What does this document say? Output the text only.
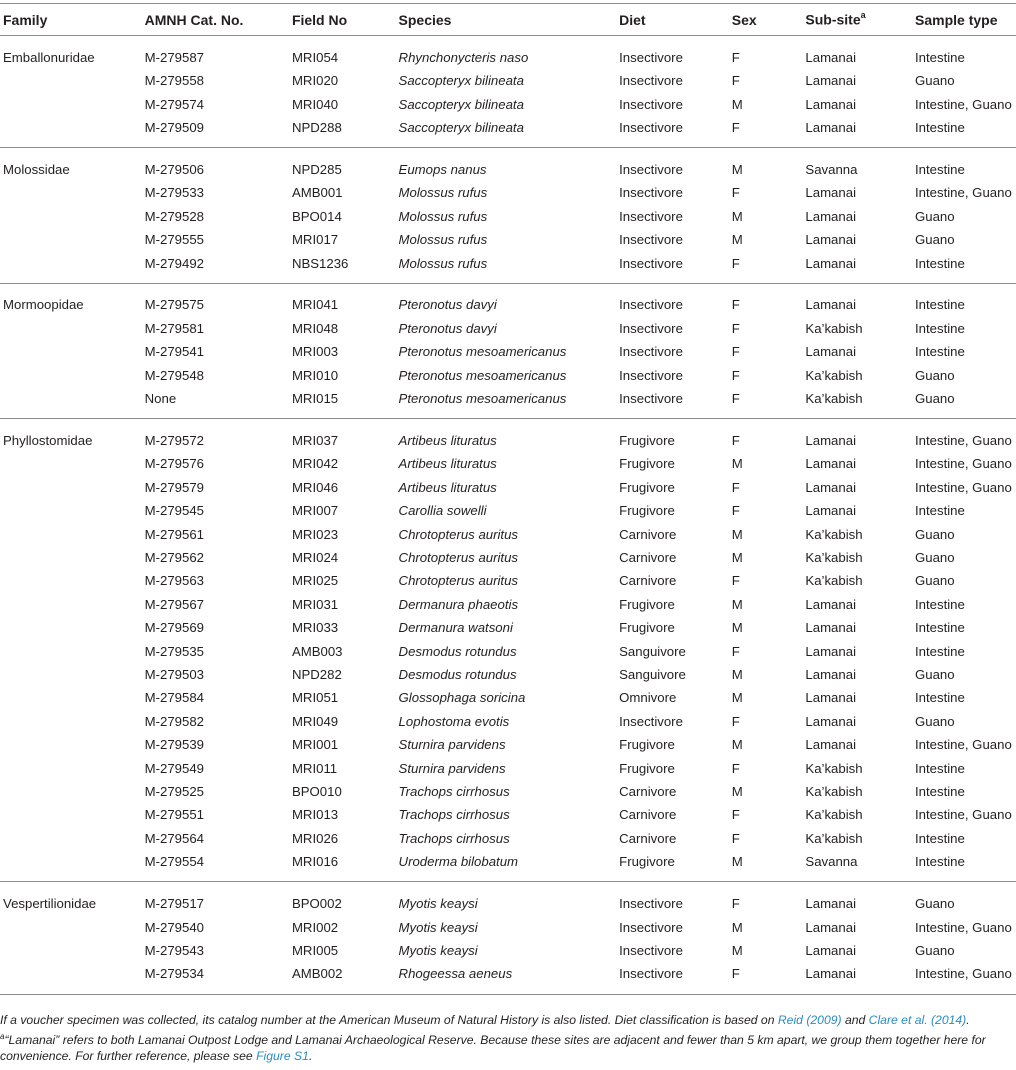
Family	AMNH Cat. No.	Field No	Species	Diet	Sex	Sub-site$^a$	Sample type
Emballonuridae	M-279587	MRI054	Rhynchonycteris naso	Insectivore	F	Lamanai	Intestine
	M-279558	MRI020	Saccopteryx bilineata	Insectivore	F	Lamanai	Guano
	M-279574	MRI040	Saccopteryx bilineata	Insectivore	M	Lamanai	Intestine, Guano
	M-279509	NPD288	Saccopteryx bilineata	Insectivore	F	Lamanai	Intestine
Molossidae	M-279506	NPD285	Eumops nanus	Insectivore	M	Savanna	Intestine
	M-279533	AMB001	Molossus rufus	Insectivore	F	Lamanai	Intestine, Guano
	M-279528	BPO014	Molossus rufus	Insectivore	M	Lamanai	Guano
	M-279555	MRI017	Molossus rufus	Insectivore	M	Lamanai	Guano
	M-279492	NBS1236	Molossus rufus	Insectivore	F	Lamanai	Intestine
Mormoopidae	M-279575	MRI041	Pteronotus davyi	Insectivore	F	Lamanai	Intestine
	M-279581	MRI048	Pteronotus davyi	Insectivore	F	Ka’kabish	Intestine
	M-279541	MRI003	Pteronotus mesoamericanus	Insectivore	F	Lamanai	Intestine
	M-279548	MRI010	Pteronotus mesoamericanus	Insectivore	F	Ka’kabish	Guano
	None	MRI015	Pteronotus mesoamericanus	Insectivore	F	Ka’kabish	Guano
Phyllostomidae	M-279572	MRI037	Artibeus lituratus	Frugivore	F	Lamanai	Intestine, Guano
	M-279576	MRI042	Artibeus lituratus	Frugivore	M	Lamanai	Intestine, Guano
	M-279579	MRI046	Artibeus lituratus	Frugivore	F	Lamanai	Intestine, Guano
	M-279545	MRI007	Carollia sowelli	Frugivore	F	Lamanai	Intestine
	M-279561	MRI023	Chrotopterus auritus	Carnivore	M	Ka’kabish	Guano
	M-279562	MRI024	Chrotopterus auritus	Carnivore	M	Ka’kabish	Guano
	M-279563	MRI025	Chrotopterus auritus	Carnivore	F	Ka’kabish	Guano
	M-279567	MRI031	Dermanura phaeotis	Frugivore	M	Lamanai	Intestine
	M-279569	MRI033	Dermanura watsoni	Frugivore	M	Lamanai	Intestine
	M-279535	AMB003	Desmodus rotundus	Sanguivore	F	Lamanai	Intestine
	M-279503	NPD282	Desmodus rotundus	Sanguivore	M	Lamanai	Guano
	M-279584	MRI051	Glossophaga soricina	Omnivore	M	Lamanai	Intestine
	M-279582	MRI049	Lophostoma evotis	Insectivore	F	Lamanai	Guano
	M-279539	MRI001	Sturnira parvidens	Frugivore	M	Lamanai	Intestine, Guano
	M-279549	MRI011	Sturnira parvidens	Frugivore	F	Ka’kabish	Intestine
	M-279525	BPO010	Trachops cirrhosus	Carnivore	M	Ka’kabish	Intestine
	M-279551	MRI013	Trachops cirrhosus	Carnivore	F	Ka’kabish	Intestine, Guano
	M-279564	MRI026	Trachops cirrhosus	Carnivore	F	Ka’kabish	Intestine
	M-279554	MRI016	Uroderma bilobatum	Frugivore	M	Savanna	Intestine
Vespertilionidae	M-279517	BPO002	Myotis keaysi	Insectivore	F	Lamanai	Guano
	M-279540	MRI002	Myotis keaysi	Insectivore	M	Lamanai	Intestine, Guano
	M-279543	MRI005	Myotis keaysi	Insectivore	M	Lamanai	Guano
	M-279534	AMB002	Rhogeessa aeneus	Insectivore	F	Lamanai	Intestine, Guano

If a voucher specimen was collected, its catalog number at the American Museum of Natural History is also listed. Diet classification is based on Reid (2009) and Clare et al. (2014).

$^a$“Lamanai” refers to both Lamanai Outpost Lodge and Lamanai Archaeological Reserve. Because these sites are adjacent and fewer than 5 km apart, we group them together here for convenience. For further reference, please see Figure S1.
